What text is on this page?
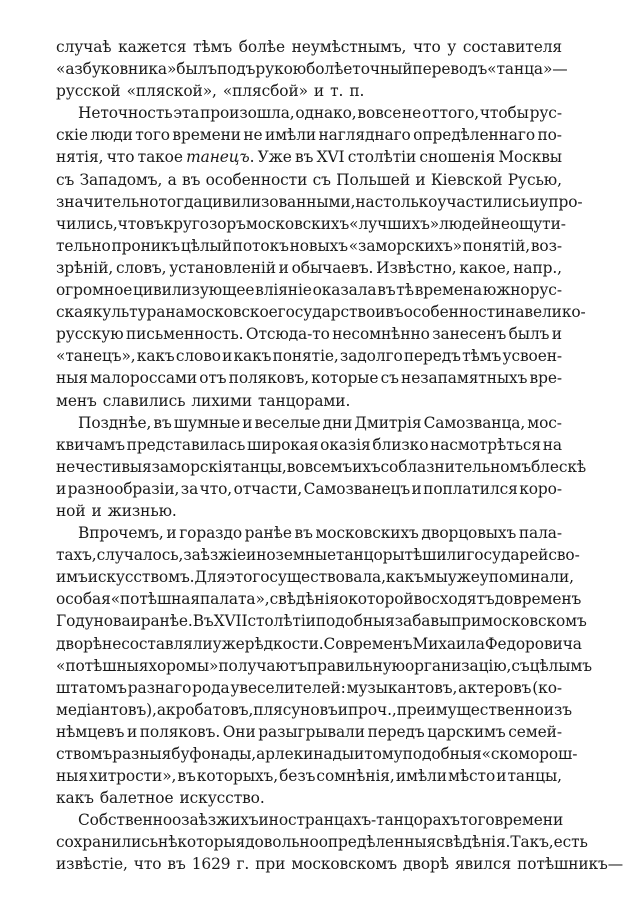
случаѣ кажется тѣмъ болѣе неумѣстнымъ, что у составителя
«азбуковника» былъ подъ рукою болѣе точный переводъ «танца»—
русской «пляской», «плясбой» и т. п.
Неточность эта произошла, однако, вовсе не оттого, чтобы рус-
скіе люди того времени не имѣли нагляднаго опредѣленнаго по-
нятія, что такое танецъ. Уже въ XVI столѣтіи сношенія Москвы
съ Западомъ, а въ особенности съ Польшей и Кіевской Русью,
значительно тогда цивилизованными, настолько участились и упро-
чились, что въ кругозоръ московскихъ «лучшихъ» людей неощути-
тельно проникъ цѣлый потокъ новыхъ «заморскихъ» понятій, воз-
зрѣній, словъ, установленій и обычаевъ. Извѣстно, какое, напр.,
огромное цивилизующее вліяніе оказала въ тѣ времена южнорус-
ская культура на московское государство и въ особенности на велико-
русскую письменность. Отсюда-то несомнѣнно занесенъ былъ и
«танецъ», какъ слово и какъ понятіе, задолго передъ тѣмъ усвоен-
ныя малороссами отъ поляковъ, которые съ незапамятныхъ вре-
менъ славились лихими танцорами.
Позднѣе, въ шумные и веселые дни Дмитрія Самозванца, мос-
квичамъ представилась широкая оказія близко насмотрѣться на
нечестивыя заморскія танцы, во всемъ ихъ соблазнительномъ блескѣ
и разнообразіи, за что, отчасти, Самозванецъ и поплатился коро-
ной и жизнью.
Впрочемъ, и гораздо ранѣе въ московскихъ дворцовыхъ пала-
тахъ, случалось, заѣзжіе иноземные танцоры тѣшили государей сво-
имъ искусствомъ. Для этого существовала, какъ мы уже упоминали,
особая «потѣшная палата», свѣдѣнія о которой восходятъ до временъ
Годунова и ранѣе. Въ XVII столѣтіи подобныя забавы при московскомъ
дворѣ несоставляли уже рѣдкости. Со временъ Михаила Федоровича
«потѣшныя хоромы» получаютъ правильную организацію, съ цѣлымъ
штатомъ разнаго рода увеселителей: музыкантовъ, актеровъ (ко-
медіантовъ), акробатовъ, плясуновъ и проч., преимущественно изъ
нѣмцевъ и поляковъ. Они разыгрывали передъ царскимъ семей-
ствомъ разныя буфонады, арлекинады и тому подобныя «скоморош-
ныя хитрости», въ которыхъ, безъ сомнѣнія, имѣли мѣсто и танцы,
какъ балетное искусство.
Собственно о заѣзжихъ иностранцахъ-танцорахъ того времени
сохранились нѣкоторыя довольно опредѣленныя свѣдѣнія. Такъ, есть
извѣстіе, что въ 1629 г. при московскомъ дворѣ явился потѣшникъ—
